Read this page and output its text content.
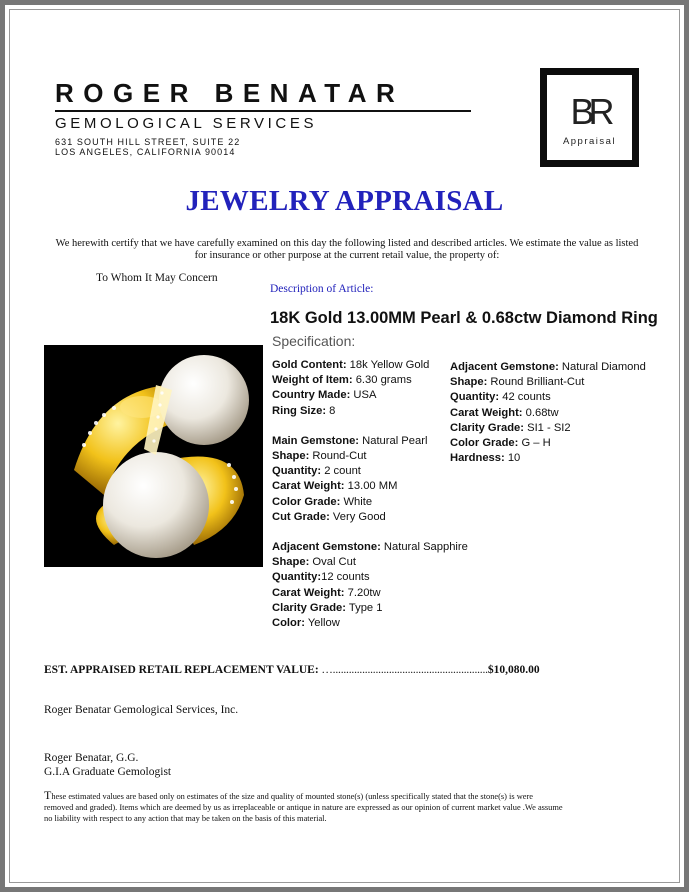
ROGER BENATAR
GEMOLOGICAL SERVICES
631 SOUTH HILL STREET, SUITE 22
LOS ANGELES, CALIFORNIA 90014
BR
Appraisal
JEWELRY APPRAISAL
We herewith certify that we have carefully examined on this day the following listed and described articles. We estimate the value as listed for insurance or other purpose at the current retail value, the property of:
To Whom It May Concern
Description of Article:
18K Gold 13.00MM Pearl & 0.68ctw Diamond Ring
Specification:
Gold Content: 18k Yellow Gold
Weight of Item: 6.30 grams
Country Made: USA
Ring Size: 8
Main Gemstone: Natural Pearl
Shape: Round-Cut
Quantity: 2 count
Carat Weight: 13.00 MM
Color Grade: White
Cut Grade: Very Good
Adjacent Gemstone: Natural Sapphire
Shape: Oval Cut
Quantity:12 counts
Carat Weight: 7.20tw
Clarity Grade: Type 1
Color: Yellow
Adjacent Gemstone: Natural Diamond
Shape: Round Brilliant-Cut
Quantity: 42 counts
Carat Weight: 0.68tw
Clarity Grade: SI1 - SI2
Color Grade: G – H
Hardness: 10
EST. APPRAISED RETAIL REPLACEMENT VALUE: …..........................................................$10,080.00
Roger Benatar Gemological Services, Inc.
Roger Benatar, G.G.
G.I.A Graduate Gemologist
These estimated values are based only on estimates of the size and quality of mounted stone(s) (unless specifically stated that the stone(s) is were removed and graded). Items which are deemed by us as irreplaceable or antique in nature are expressed as our opinion of current market value .We assume no liability with respect to any action that may be taken on the basis of this material.
